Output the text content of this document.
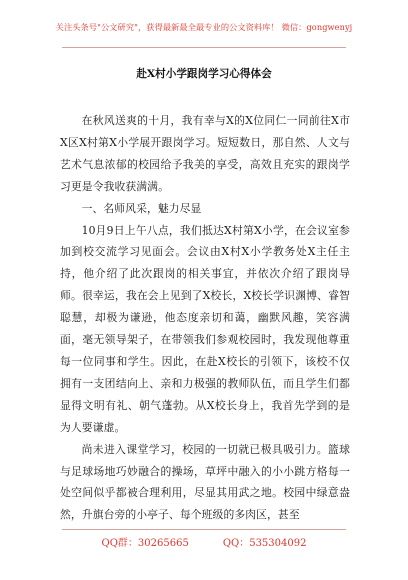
关注头条号"公文研究"，获得最新最全最专业的公文资料库！ 微信：gongwenyj
赴X村小学跟岗学习心得体会

在秋风送爽的十月，我有幸与X的X位同仁一同前往X市X区X村第X小学展开跟岗学习。短短数日，那自然、人文与艺术气息浓郁的校园给予我美的享受，高效且充实的跟岗学习更是令我收获满满。

一、名师风采，魅力尽显

10月9日上午八点，我们抵达X村第X小学，在会议室参加到校交流学习见面会。会议由X村X小学教务处X主任主持，他介绍了此次跟岗的相关事宜，并依次介绍了跟岗导师。很幸运，我在会上见到了X校长，X校长学识渊博、睿智聪慧，却极为谦逊，他态度亲切和蔼，幽默风趣，笑容满面，毫无领导架子，在带领我们参观校园时，我发现他尊重每一位同事和学生。因此，在赴X校长的引领下，该校不仅拥有一支团结向上、亲和力极强的教师队伍，而且学生们都显得文明有礼、朝气蓬勃。从X校长身上，我首先学到的是为人要谦虚。

尚未进入课堂学习，校园的一切就已极具吸引力。篮球与足球场地巧妙融合的操场，草坪中融入的小小跳方格每一处空间似乎都被合理利用，尽显其用武之地。校园中绿意盎然，升旗台旁的小亭子、每个班级的多肉区，甚至

QQ群：30265665	QQ：535304092
